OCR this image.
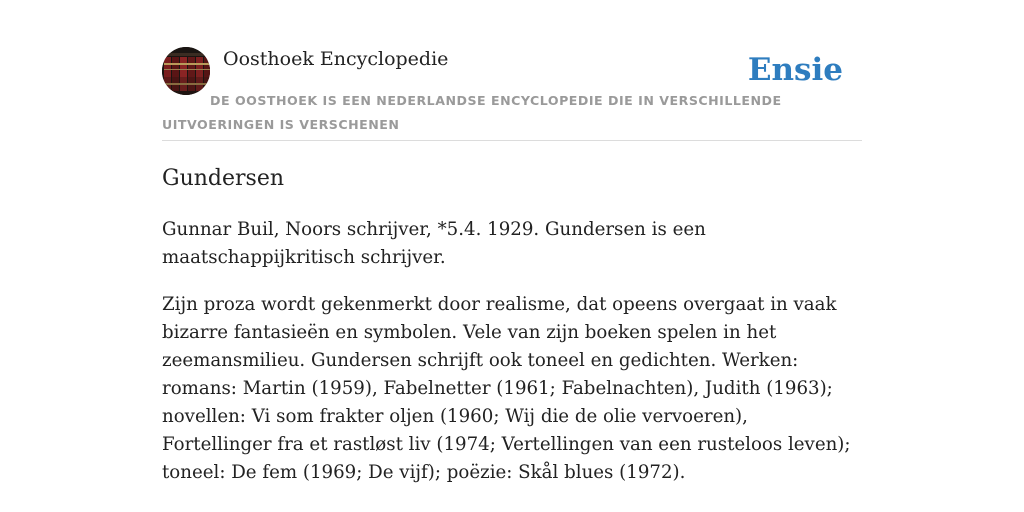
Oosthoek Encyclopedie	Ensie
DE OOSTHOEK IS EEN NEDERLANDSE ENCYCLOPEDIE DIE IN VERSCHILLENDE UITVOERINGEN IS VERSCHENEN
Gundersen

Gunnar Buil, Noors schrijver, *5.4. 1929. Gundersen is een maatschappijkritisch schrijver.

Zijn proza wordt gekenmerkt door realisme, dat opeens overgaat in vaak bizarre fantasieën en symbolen. Vele van zijn boeken spelen in het zeemansmilieu. Gundersen schrijft ook toneel en gedichten. Werken: romans: Martin (1959), Fabelnetter (1961; Fabelnachten), Judith (1963); novellen: Vi som frakter oljen (1960; Wij die de olie vervoeren), Fortellinger fra et rastløst liv (1974; Vertellingen van een rusteloos leven); toneel: De fem (1969; De vijf); poëzie: Skål blues (1972).
